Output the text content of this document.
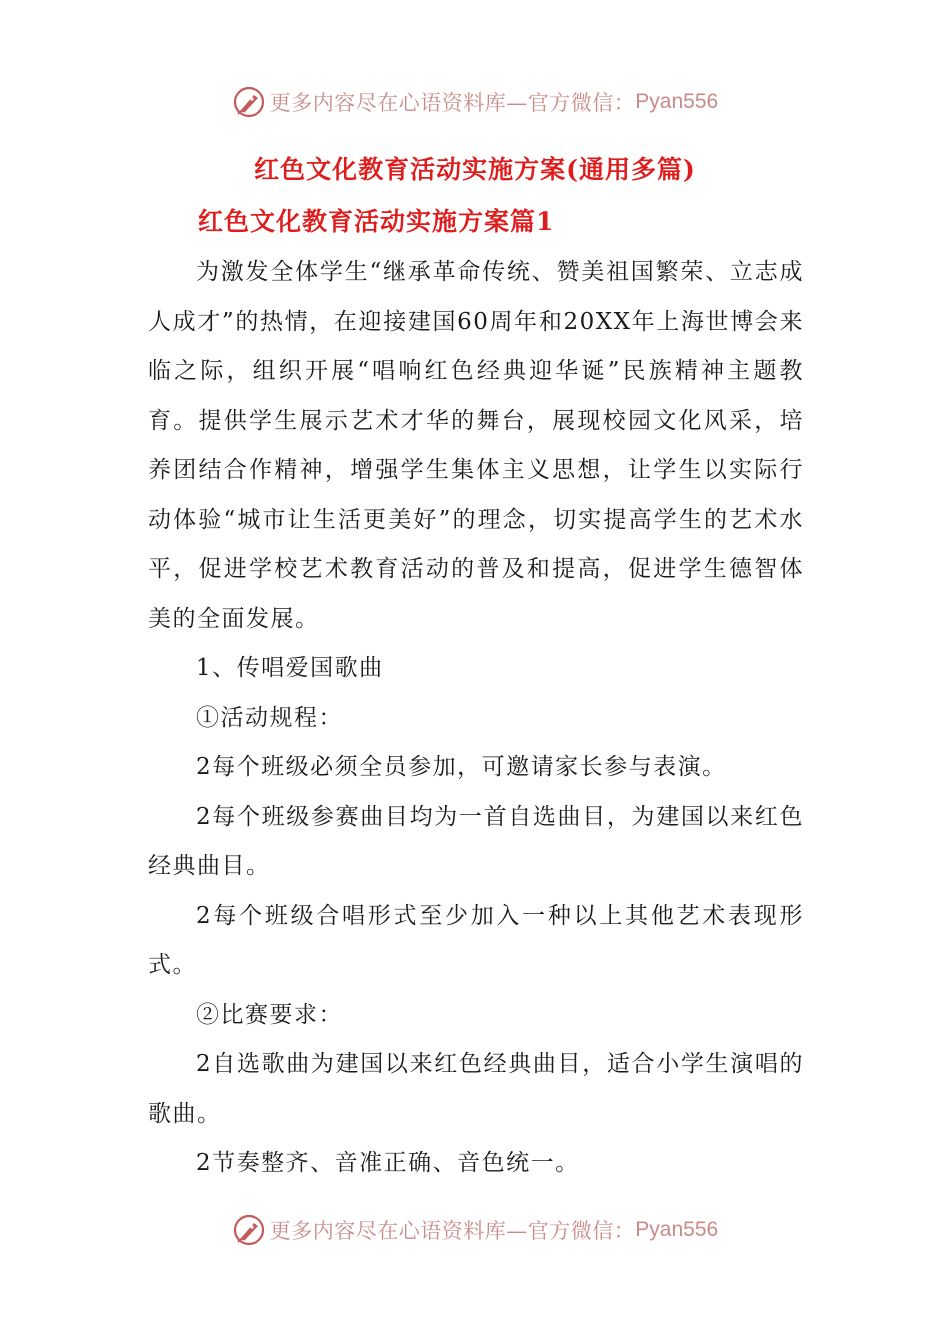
更多内容尽在心语资料库—官方微信： Pyan556
红色文化教育活动实施方案(通用多篇)
红色文化教育活动实施方案篇1

为激发全体学生“继承革命传统、赞美祖国繁荣、立志成人成才”的热情，在迎接建国60周年和20XX年上海世博会来临之际，组织开展“唱响红色经典迎华诞”民族精神主题教育。提供学生展示艺术才华的舞台，展现校园文化风采，培养团结合作精神，增强学生集体主义思想，让学生以实际行动体验“城市让生活更美好”的理念，切实提高学生的艺术水平，促进学校艺术教育活动的普及和提高，促进学生德智体美的全面发展。

1、传唱爱国歌曲

①活动规程：

2每个班级必须全员参加，可邀请家长参与表演。

2每个班级参赛曲目均为一首自选曲目，为建国以来红色经典曲目。

2每个班级合唱形式至少加入一种以上其他艺术表现形式。

②比赛要求：

2自选歌曲为建国以来红色经典曲目，适合小学生演唱的歌曲。

2节奏整齐、音准正确、音色统一。

更多内容尽在心语资料库—官方微信： Pyan556
